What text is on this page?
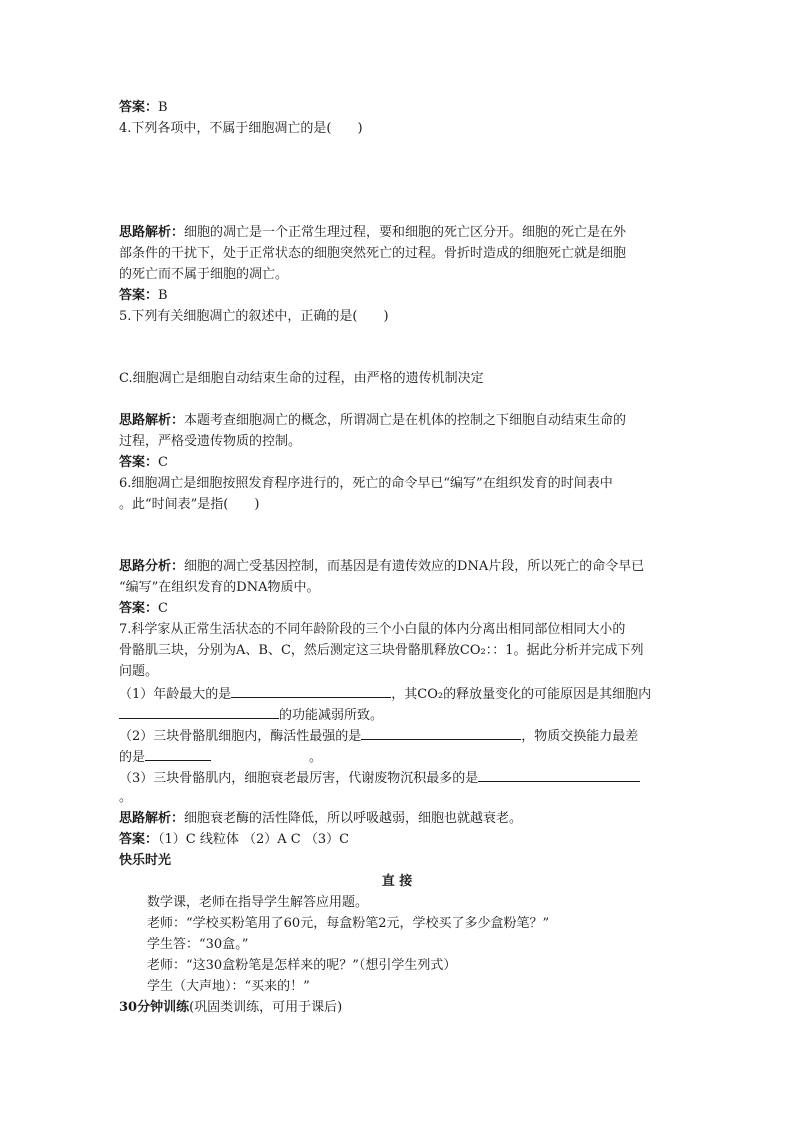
答案：B
4.下列各项中，不属于细胞凋亡的是(　　)
思路解析：细胞的凋亡是一个正常生理过程，要和细胞的死亡区分开。细胞的死亡是在外
部条件的干扰下，处于正常状态的细胞突然死亡的过程。骨折时造成的细胞死亡就是细胞
的死亡而不属于细胞的凋亡。
答案：B
5.下列有关细胞凋亡的叙述中，正确的是(　　)
C.细胞凋亡是细胞自动结束生命的过程，由严格的遗传机制决定
思路解析：本题考查细胞凋亡的概念，所谓凋亡是在机体的控制之下细胞自动结束生命的
过程，严格受遗传物质的控制。
答案：C
6.细胞凋亡是细胞按照发育程序进行的，死亡的命令早已“编写”在组织发育的时间表中
。此“时间表”是指(　　)
思路分析：细胞的凋亡受基因控制，而基因是有遗传效应的DNA片段，所以死亡的命令早已
“编写”在组织发育的DNA物质中。
答案：C
7.科学家从正常生活状态的不同年龄阶段的三个小白鼠的体内分离出相同部位相同大小的
骨骼肌三块，分别为A、B、C，然后测定这三块骨骼肌释放CO₂：：1。据此分析并完成下列
问题。
（1）年龄最大的是	，其CO₂的释放量变化的可能原因是其细胞内
的功能减弱所致。
（2）三块骨骼肌细胞内，酶活性最强的是	，物质交换能力最差
的是	。
（3）三块骨骼肌内，细胞衰老最厉害，代谢废物沉积最多的是
。
思路解析：细胞衰老酶的活性降低，所以呼吸越弱，细胞也就越衰老。
答案：（1）C 线粒体 （2）A C （3）C
快乐时光
直 接
数学课，老师在指导学生解答应用题。
老师：“学校买粉笔用了60元，每盒粉笔2元，学校买了多少盒粉笔？”
学生答：“30盒。”
老师：“这30盒粉笔是怎样来的呢？”（想引学生列式）
学生（大声地）：“买来的！”
30分钟训练(巩固类训练，可用于课后)
